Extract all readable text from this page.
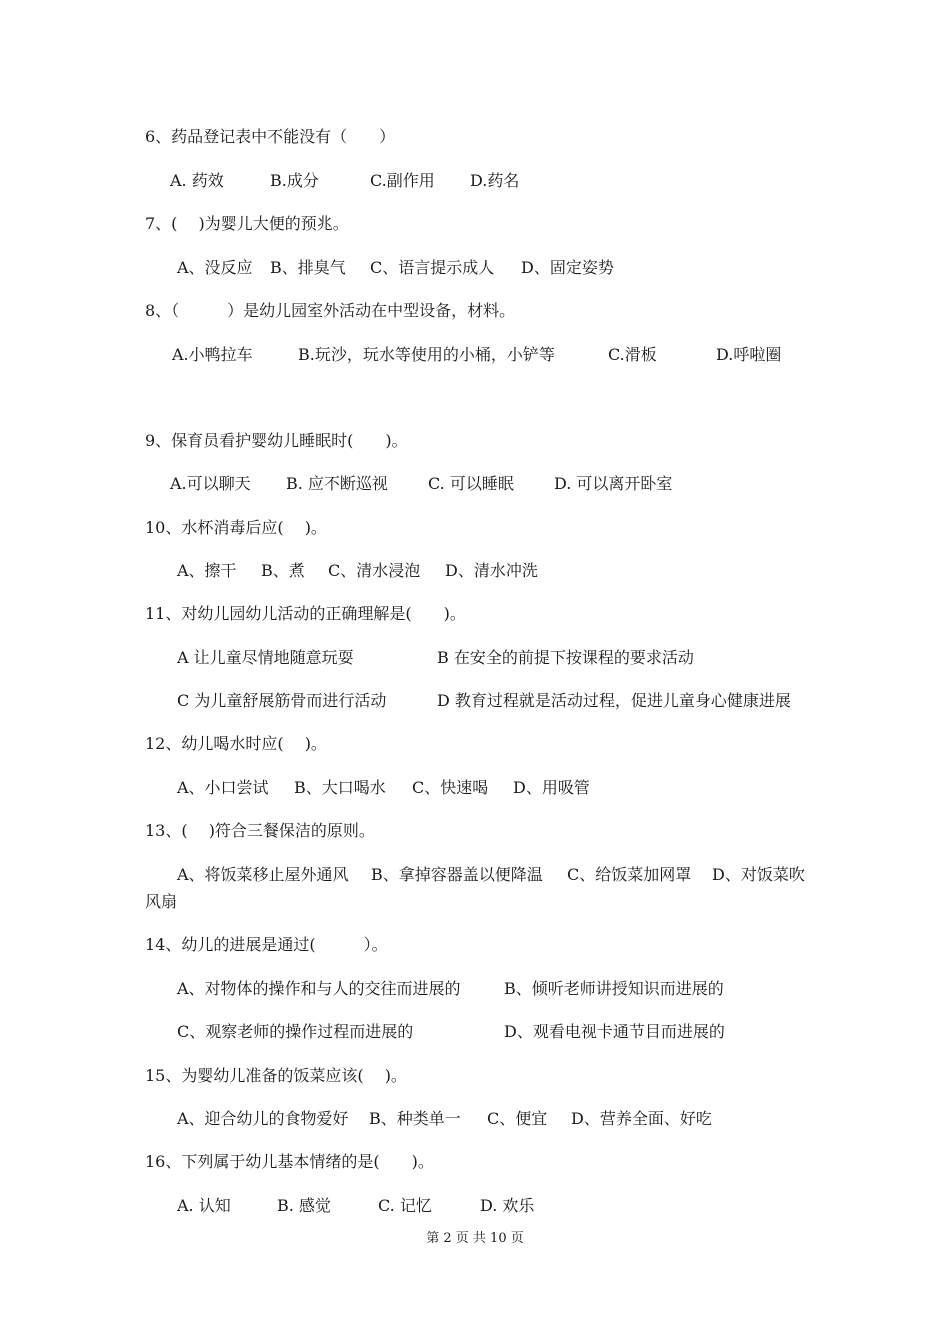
6、药品登记表中不能没有（　　）
A. 药效	B.成分	C.副作用 D.药名
7、(　 )为婴儿大便的预兆。
A、没反应 B、排臭气 C、语言提示成人 D、固定姿势
8、（　　　）是幼儿园室外活动在中型设备，材料。
A.小鸭拉车	B.玩沙，玩水等使用的小桶，小铲等	C.滑板	D.呼啦圈
9、保育员看护婴幼儿睡眠时(　　)。
A.可以聊天 B. 应不断巡视	C. 可以睡眠	D. 可以离开卧室
10、水杯消毒后应(　 )。
A、擦干 B、煮 C、清水浸泡 D、清水冲洗
11、对幼儿园幼儿活动的正确理解是(　　)。
A 让儿童尽情地随意玩耍	B 在安全的前提下按课程的要求活动
C 为儿童舒展筋骨而进行活动	D 教育过程就是活动过程，促进儿童身心健康进展
12、幼儿喝水时应(　 )。
A、小口尝试 B、大口喝水 C、快速喝 D、用吸管
13、(　 )符合三餐保洁的原则。
A、将饭菜移止屋外通风 B、拿掉容器盖以便降温 C、给饭菜加网罩 D、对饭菜吹
风扇
14、幼儿的进展是通过(　　　）。
A、对物体的操作和与人的交往而进展的	B、倾听老师讲授知识而进展的
C、观察老师的操作过程而进展的	D、观看电视卡通节目而进展的
15、为婴幼儿准备的饭菜应该(　 )。
A、迎合幼儿的食物爱好 B、种类单一 C、便宜 D、营养全面、好吃
16、下列属于幼儿基本情绪的是(　　)。
A. 认知	B. 感觉	C. 记忆	D. 欢乐
第 2 页 共 10 页
